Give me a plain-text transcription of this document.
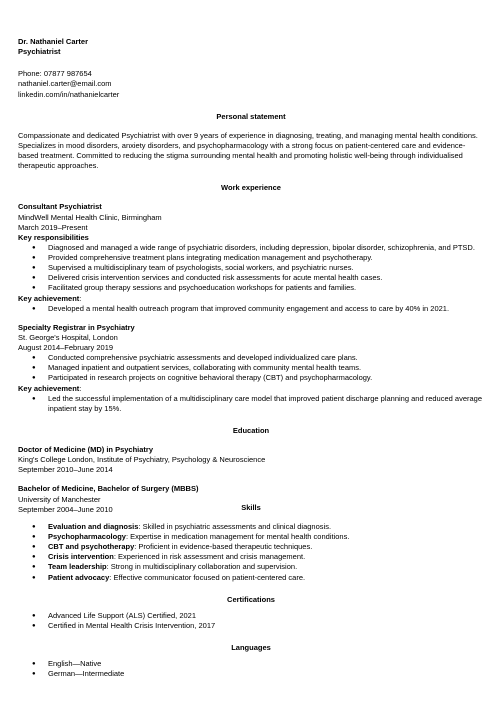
Dr. Nathaniel Carter

Psychiatrist

Phone: 07877 987654

nathaniel.carter@email.com

linkedin.com/in/nathanielcarter

Personal statement

Compassionate and dedicated Psychiatrist with over 9 years of experience in diagnosing, treating, and managing mental health conditions. Specializes in mood disorders, anxiety disorders, and psychopharmacology with a strong focus on patient-centered care and evidence-based treatment. Committed to reducing the stigma surrounding mental health and promoting holistic well-being through individualised therapeutic approaches.

Work experience

Consultant Psychiatrist

MindWell Mental Health Clinic, Birmingham

March 2019–Present

Key responsibilities

● Diagnosed and managed a wide range of psychiatric disorders, including depression, bipolar disorder, schizophrenia, and PTSD.
● Provided comprehensive treatment plans integrating medication management and psychotherapy.
● Supervised a multidisciplinary team of psychologists, social workers, and psychiatric nurses.
● Delivered crisis intervention services and conducted risk assessments for acute mental health cases.
● Facilitated group therapy sessions and psychoeducation workshops for patients and families.

Key achievement:

● Developed a mental health outreach program that improved community engagement and access to care by 40% in 2021.

Specialty Registrar in Psychiatry

St. George's Hospital, London

August 2014–February 2019

● Conducted comprehensive psychiatric assessments and developed individualized care plans.
● Managed inpatient and outpatient services, collaborating with community mental health teams.
● Participated in research projects on cognitive behavioral therapy (CBT) and psychopharmacology.

Key achievement:

● Led the successful implementation of a multidisciplinary care model that improved patient discharge planning and reduced average inpatient stay by 15%.

Education

Doctor of Medicine (MD) in Psychiatry

King's College London, Institute of Psychiatry, Psychology & Neuroscience

September 2010–June 2014

Bachelor of Medicine, Bachelor of Surgery (MBBS)

University of Manchester

September 2004–June 2010	Skills

● Evaluation and diagnosis: Skilled in psychiatric assessments and clinical diagnosis.
● Psychopharmacology: Expertise in medication management for mental health conditions.
● CBT and psychotherapy: Proficient in evidence-based therapeutic techniques.
● Crisis intervention: Experienced in risk assessment and crisis management.
● Team leadership: Strong in multidisciplinary collaboration and supervision.
● Patient advocacy: Effective communicator focused on patient-centered care.

Certifications

● Advanced Life Support (ALS) Certified, 2021
● Certified in Mental Health Crisis Intervention, 2017

Languages

● English—Native
● German—Intermediate
